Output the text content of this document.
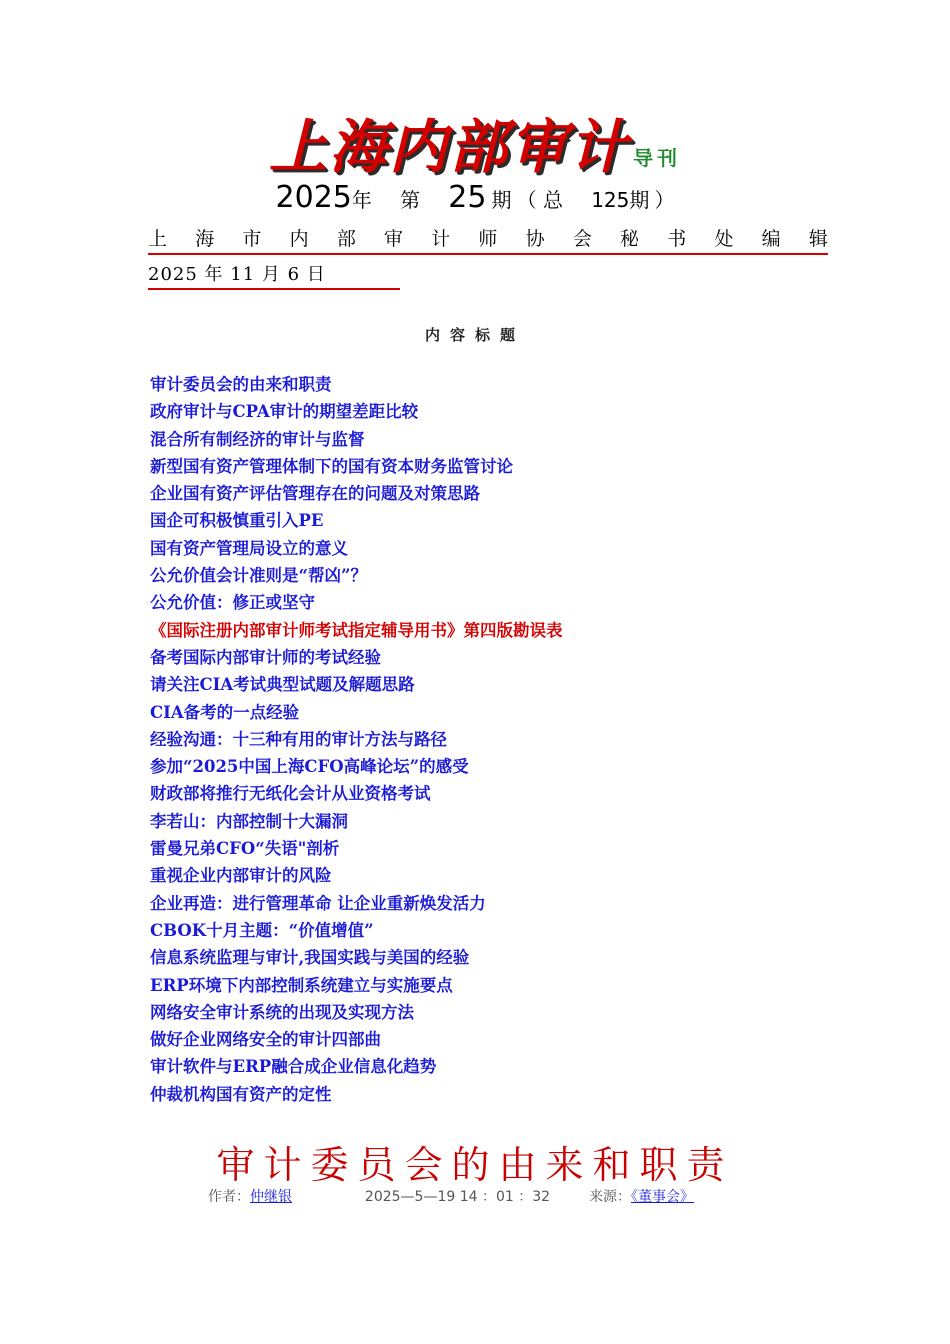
上海内部审计 导刊
2025年 第 25 期 （ 总 125期 ）
上 海 市 内 部 审 计 师 协 会 秘 书 处 编 辑
2025 年 11 月 6 日
内容标题
审计委员会的由来和职责
政府审计与CPA审计的期望差距比较
混合所有制经济的审计与监督
新型国有资产管理体制下的国有资本财务监管讨论
企业国有资产评估管理存在的问题及对策思路
国企可积极慎重引入PE
国有资产管理局设立的意义
公允价值会计准则是“帮凶”？
公允价值：修正或坚守
《国际注册内部审计师考试指定辅导用书》第四版勘误表
备考国际内部审计师的考试经验
请关注CIA考试典型试题及解题思路
CIA备考的一点经验
经验沟通：十三种有用的审计方法与路径
参加“2025中国上海CFO高峰论坛”的感受
财政部将推行无纸化会计从业资格考试
李若山：内部控制十大漏洞
雷曼兄弟CFO“失语"剖析
重视企业内部审计的风险
企业再造：进行管理革命 让企业重新焕发活力
CBOK十月主题：“价值增值”
信息系统监理与审计,我国实践与美国的经验
ERP环境下内部控制系统建立与实施要点
网络安全审计系统的出现及实现方法
做好企业网络安全的审计四部曲
审计软件与ERP融合成企业信息化趋势
仲裁机构国有资产的定性
审计委员会的由来和职责
作者：仲继银	2025—5—19 14 ：01 ：32	来源：《董事会》
